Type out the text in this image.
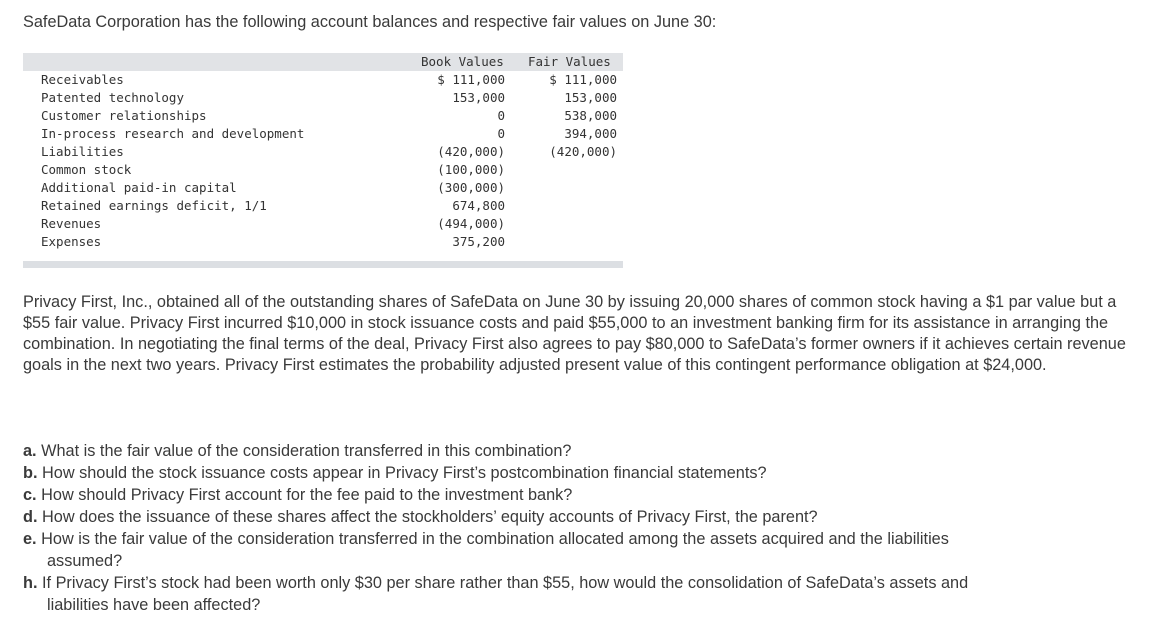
SafeData Corporation has the following account balances and respective fair values on June 30:

Book Values Fair Values
Receivables	$ 111,000	$ 111,000
Patented technology	153,000	153,000
Customer relationships	0	538,000
In-process research and development	0	394,000
Liabilities	(420,000)	(420,000)
Common stock	(100,000)
Additional paid-in capital	(300,000)
Retained earnings deficit, 1/1	674,800
Revenues	(494,000)
Expenses	375,200

Privacy First, Inc., obtained all of the outstanding shares of SafeData on June 30 by issuing 20,000 shares of common stock having a $1 par value but a $55 fair value. Privacy First incurred $10,000 in stock issuance costs and paid $55,000 to an investment banking firm for its assistance in arranging the combination. In negotiating the final terms of the deal, Privacy First also agrees to pay $80,000 to SafeData’s former owners if it achieves certain revenue goals in the next two years. Privacy First estimates the probability adjusted present value of this contingent performance obligation at $24,000.

a. What is the fair value of the consideration transferred in this combination?
b. How should the stock issuance costs appear in Privacy First’s postcombination financial statements?
c. How should Privacy First account for the fee paid to the investment bank?
d. How does the issuance of these shares affect the stockholders’ equity accounts of Privacy First, the parent?
e. How is the fair value of the consideration transferred in the combination allocated among the assets acquired and the liabilities
assumed?
h. If Privacy First’s stock had been worth only $30 per share rather than $55, how would the consolidation of SafeData’s assets and
liabilities have been affected?
